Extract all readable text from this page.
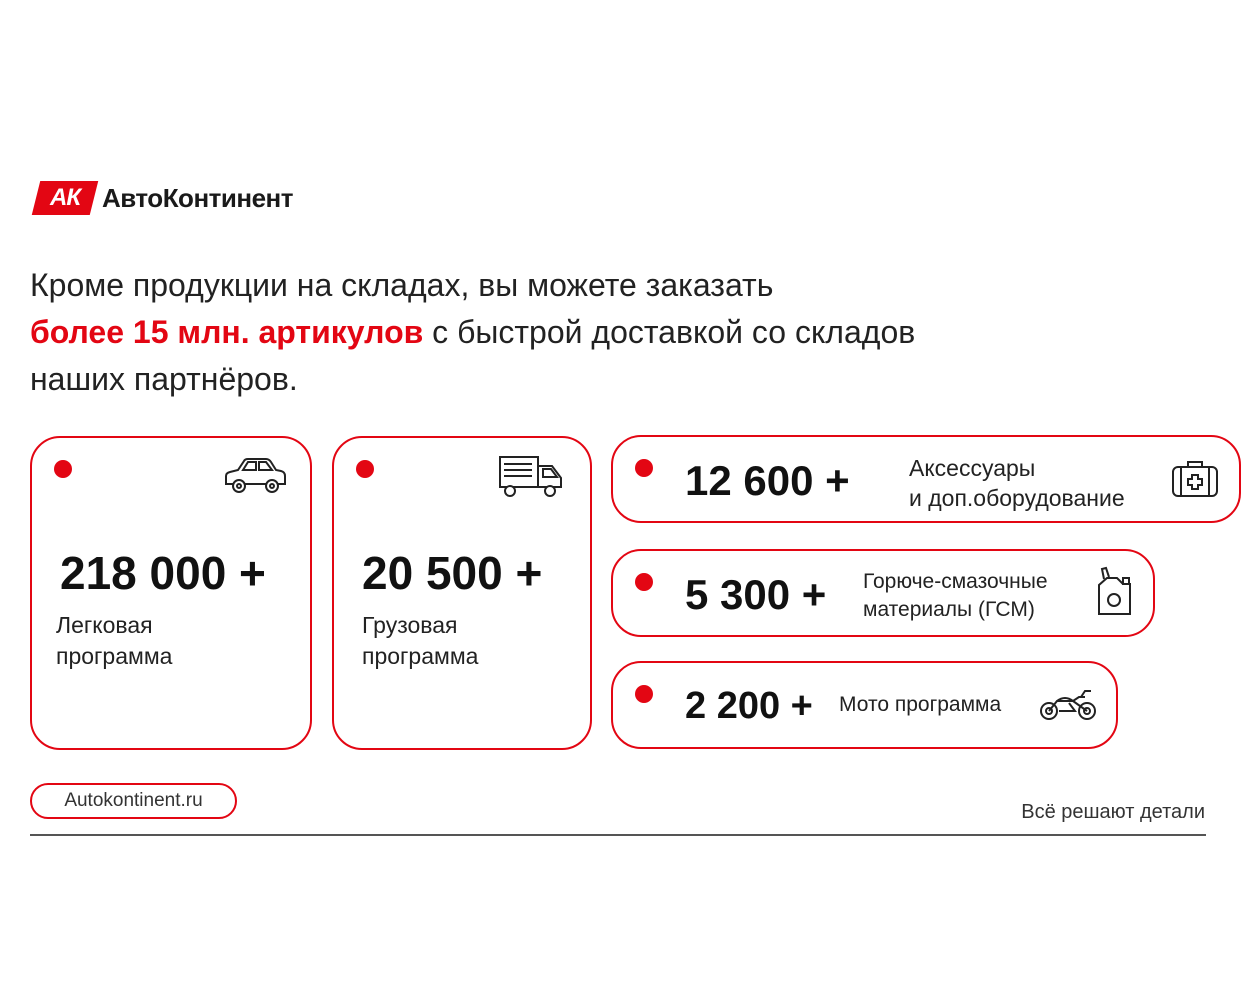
АК АвтоКонтинент
Кроме продукции на складах, вы можете заказать
более 15 млн. артикулов с быстрой доставкой со складов
наших партнёров.
218 000 +
Легковая
программа
20 500 +
Грузовая
программа
12 600 +	Аксессуары
и доп.оборудование
5 300 + Горюче-смазочные
материалы (ГСМ)
2 200 + Мото программа
Autokontinent.ru
Всё решают детали
